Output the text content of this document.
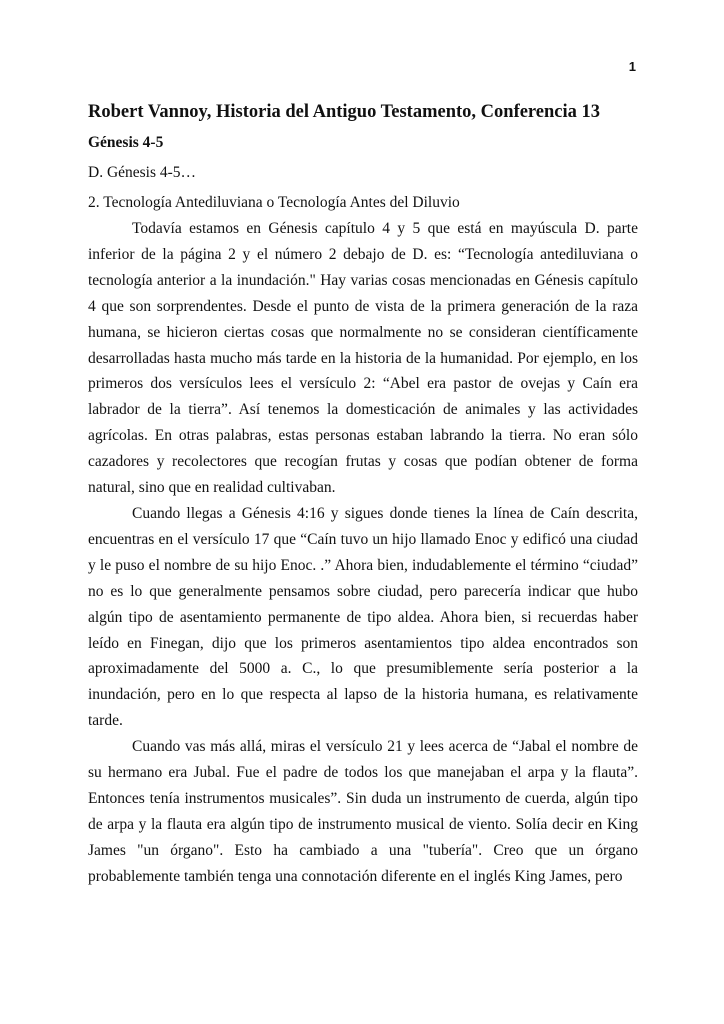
1
Robert Vannoy, Historia del Antiguo Testamento, Conferencia 13
Génesis 4-5
D. Génesis 4-5…
2. Tecnología Antediluviana o Tecnología Antes del Diluvio

Todavía estamos en Génesis capítulo 4 y 5 que está en mayúscula D. parte inferior de la página 2 y el número 2 debajo de D. es: “Tecnología antediluviana o tecnología anterior a la inundación." Hay varias cosas mencionadas en Génesis capítulo 4 que son sorprendentes. Desde el punto de vista de la primera generación de la raza humana, se hicieron ciertas cosas que normalmente no se consideran científicamente desarrolladas hasta mucho más tarde en la historia de la humanidad. Por ejemplo, en los primeros dos versículos lees el versículo 2: “Abel era pastor de ovejas y Caín era labrador de la tierra”. Así tenemos la domesticación de animales y las actividades agrícolas. En otras palabras, estas personas estaban labrando la tierra. No eran sólo cazadores y recolectores que recogían frutas y cosas que podían obtener de forma natural, sino que en realidad cultivaban.

Cuando llegas a Génesis 4:16 y sigues donde tienes la línea de Caín descrita, encuentras en el versículo 17 que “Caín tuvo un hijo llamado Enoc y edificó una ciudad y le puso el nombre de su hijo Enoc. .” Ahora bien, indudablemente el término “ciudad” no es lo que generalmente pensamos sobre ciudad, pero parecería indicar que hubo algún tipo de asentamiento permanente de tipo aldea. Ahora bien, si recuerdas haber leído en Finegan, dijo que los primeros asentamientos tipo aldea encontrados son aproximadamente del 5000 a. C., lo que presumiblemente sería posterior a la inundación, pero en lo que respecta al lapso de la historia humana, es relativamente tarde.

Cuando vas más allá, miras el versículo 21 y lees acerca de “Jabal el nombre de su hermano era Jubal. Fue el padre de todos los que manejaban el arpa y la flauta”. Entonces tenía instrumentos musicales”. Sin duda un instrumento de cuerda, algún tipo de arpa y la flauta era algún tipo de instrumento musical de viento. Solía decir en King James "un órgano". Esto ha cambiado a una "tubería". Creo que un órgano probablemente también tenga una connotación diferente en el inglés King James, pero
